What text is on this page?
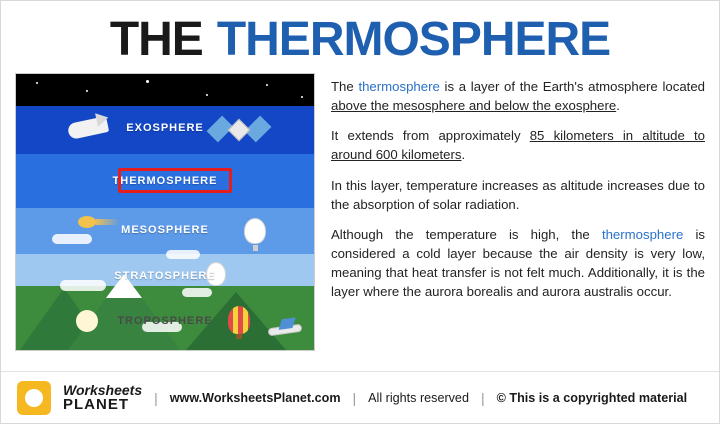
THE THERMOSPHERE
EXOSPHERE
THERMOSPHERE
MESOSPHERE
STRATOSPHERE
TROPOSPHERE

The thermosphere is a layer of the Earth's atmosphere located above the mesosphere and below the exosphere.

It extends from approximately 85 kilometers in altitude to around 600 kilometers.

In this layer, temperature increases as altitude increases due to the absorption of solar radiation.

Although the temperature is high, the thermosphere is considered a cold layer because the air density is very low, meaning that heat transfer is not felt much. Additionally, it is the layer where the aurora borealis and aurora australis occur.

Worksheets
PLANET	| www.WorksheetsPlanet.com | All rights reserved | © This is a copyrighted material
